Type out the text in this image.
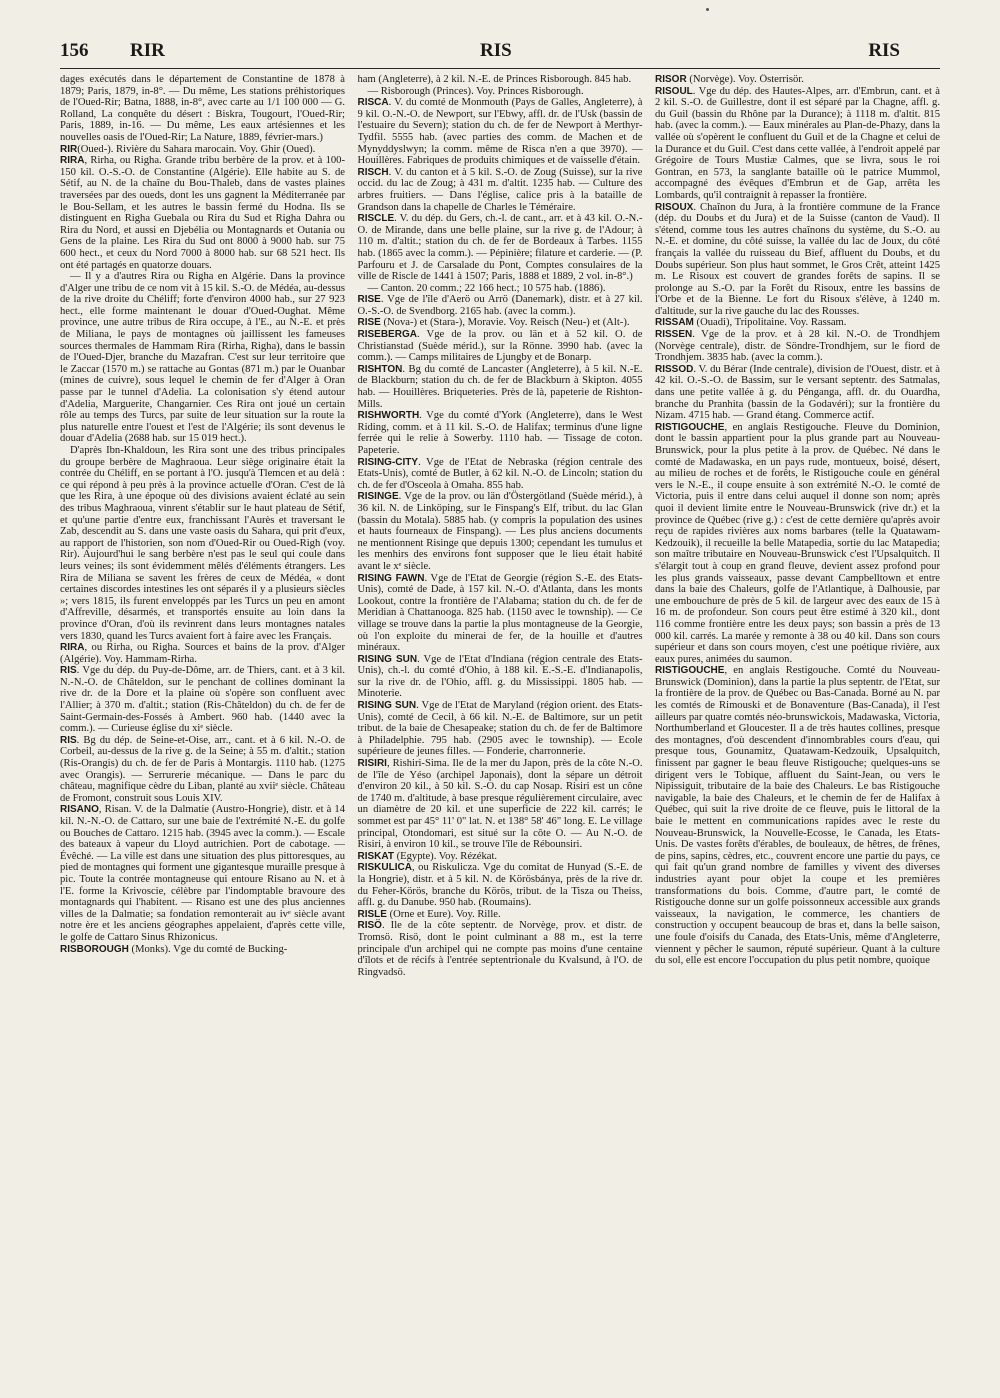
156 RIR	RIS	RIS

dages exécutés dans le département de Constantine de 1878 à 1879; Paris, 1879, in-8°. — Du même, Les stations préhistoriques de l'Oued-Rir; Batna, 1888, in-8°, avec carte au 1/1 100 000 — G. Rolland, La conquête du désert : Biskra, Tougourt, l'Oued-Rir; Paris, 1889, in-16. — Du même, Les eaux artésiennes et les nouvelles oasis de l'Oued-Rir; La Nature, 1889, février-mars.)

RIR(Oued-). Rivière du Sahara marocain. Voy. Ghir (Oued).

RIRA, Rirha, ou Righa. Grande tribu berbère de la prov. et à 100-150 kil. O.-S.-O. de Constantine (Algérie). Elle habite au S. de Sétif, au N. de la chaîne du Bou-Thaleb, dans de vastes plaines traversées par des oueds, dont les uns gagnent la Méditerranée par le Bou-Sellam, et les autres le bassin fermé du Hodna. Ils se distinguent en Righa Guebala ou Rira du Sud et Righa Dahra ou Rira du Nord, et aussi en Djebélia ou Montagnards et Outania ou Gens de la plaine. Les Rira du Sud ont 8000 à 9000 hab. sur 75 600 hect., et ceux du Nord 7000 à 8000 hab. sur 68 521 hect. Ils ont été partagés en quatorze douars.

— Il y a d'autres Rira ou Righa en Algérie. Dans la province d'Alger une tribu de ce nom vit à 15 kil. S.-O. de Médéa, au-dessus de la rive droite du Chéliff; forte d'environ 4000 hab., sur 27 923 hect., elle forme maintenant le douar d'Oued-Oughat. Même province, une autre tribus de Rira occupe, à l'E., au N.-E. et près de Miliana, le pays de montagnes où jaillissent les fameuses sources thermales de Hammam Rira (Rirha, Righa), dans le bassin de l'Oued-Djer, branche du Mazafran. C'est sur leur territoire que le Zaccar (1570 m.) se rattache au Gontas (871 m.) par le Ouanbar (mines de cuivre), sous lequel le chemin de fer d'Alger à Oran passe par le tunnel d'Adelia. La colonisation s'y étend autour d'Adelia, Marguerite, Changarnier. Ces Rira ont joué un certain rôle au temps des Turcs, par suite de leur situation sur la route la plus naturelle entre l'ouest et l'est de l'Algérie; ils sont devenus le douar d'Adelia (2688 hab. sur 15 019 hect.).

D'après Ibn-Khaldoun, les Rira sont une des tribus principales du groupe berbère de Maghraoua. Leur siège originaire était la contrée du Chéliff, en se portant à l'O. jusqu'à Tlemcen et au delà : ce qui répond à peu près à la province actuelle d'Oran. C'est de là que les Rira, à une époque où des divisions avaient éclaté au sein des tribus Maghraoua, vinrent s'établir sur le haut plateau de Sétif, et qu'une partie d'entre eux, franchissant l'Aurès et traversant le Zab, descendit au S. dans une vaste oasis du Sahara, qui prit d'eux, au rapport de l'historien, son nom d'Oued-Rir ou Oued-Righ (voy. Rir). Aujourd'hui le sang berbère n'est pas le seul qui coule dans leurs veines; ils sont évidemment mêlés d'éléments étrangers. Les Rira de Miliana se savent les frères de ceux de Médéa, « dont certaines discordes intestines les ont séparés il y a plusieurs siècles »; vers 1815, ils furent enveloppés par les Turcs un peu en amont d'Affreville, désarmés, et transportés ensuite au loin dans la province d'Oran, d'où ils revinrent dans leurs montagnes natales vers 1830, quand les Turcs avaient fort à faire avec les Français.

RIRA, ou Rirha, ou Righa. Sources et bains de la prov. d'Alger (Algérie). Voy. Hammam-Rirha.

RIS. Vge du dép. du Puy-de-Dôme, arr. de Thiers, cant. et à 3 kil. N.-N.-O. de Châteldon, sur le penchant de collines dominant la rive dr. de la Dore et la plaine où s'opère son confluent avec l'Allier; à 370 m. d'altit.; station (Ris-Châteldon) du ch. de fer de Saint-Germain-des-Fossés à Ambert. 960 hab. (1440 avec la comm.). — Curieuse église du xiᵉ siècle.

RIS. Bg du dép. de Seine-et-Oise, arr., cant. et à 6 kil. N.-O. de Corbeil, au-dessus de la rive g. de la Seine; à 55 m. d'altit.; station (Ris-Orangis) du ch. de fer de Paris à Montargis. 1110 hab. (1275 avec Orangis). — Serrurerie mécanique. — Dans le parc du château, magnifique cèdre du Liban, planté au xviiᵉ siècle. Château de Fromont, construit sous Louis XIV.

RISANO, Risan. V. de la Dalmatie (Austro-Hongrie), distr. et à 14 kil. N.-N.-O. de Cattaro, sur une baie de l'extrémité N.-E. du golfe ou Bouches de Cattaro. 1215 hab. (3945 avec la comm.). — Escale des bateaux à vapeur du Lloyd autrichien. Port de cabotage. — Évêché. — La ville est dans une situation des plus pittoresques, au pied de montagnes qui forment une gigantesque muraille presque à pic. Toute la contrée montagneuse qui entoure Risano au N. et à l'E. forme la Krivoscie, célèbre par l'indomptable bravoure des montagnards qui l'habitent. — Risano est une des plus anciennes villes de la Dalmatie; sa fondation remonterait au ivᵉ siècle avant notre ère et les anciens géographes appelaient, d'après cette ville, le golfe de Cattaro Sinus Rhizonicus.

RISBOROUGH (Monks). Vge du comté de Bucking-

ham (Angleterre), à 2 kil. N.-E. de Princes Risborough. 845 hab.

— Risborough (Princes). Voy. Princes Risborough.

RISCA. V. du comté de Monmouth (Pays de Galles, Angleterre), à 9 kil. O.-N.-O. de Newport, sur l'Ebwy, affl. dr. de l'Usk (bassin de l'estuaire du Severn); station du ch. de fer de Newport à Merthyr-Tydfil. 5555 hab. (avec parties des comm. de Machen et de Mynyddyslwyn; la comm. même de Risca n'en a que 3970). — Houillères. Fabriques de produits chimiques et de vaisselle d'étain.

RISCH. V. du canton et à 5 kil. S.-O. de Zoug (Suisse), sur la rive occid. du lac de Zoug; à 431 m. d'altit. 1235 hab. — Culture des arbres fruitiers. — Dans l'église, calice pris à la bataille de Grandson dans la chapelle de Charles le Téméraire.

RISCLE. V. du dép. du Gers, ch.-l. de cant., arr. et à 43 kil. O.-N.-O. de Mirande, dans une belle plaine, sur la rive g. de l'Adour; à 110 m. d'altit.; station du ch. de fer de Bordeaux à Tarbes. 1155 hab. (1865 avec la comm.). — Pépinière; filature et carderie. — (P. Parfouru et J. de Carsalade du Pont, Comptes consulaires de la ville de Riscle de 1441 à 1507; Paris, 1888 et 1889, 2 vol. in-8°.)

— Canton. 20 comm.; 22 166 hect.; 10 575 hab. (1886).

RISE. Vge de l'île d'Aerö ou Arrö (Danemark), distr. et à 27 kil. O.-S.-O. de Svendborg. 2165 hab. (avec la comm.).

RISE (Nova-) et (Stara-), Moravie. Voy. Reisch (Neu-) et (Alt-).

RISEBERGA. Vge de la prov. ou län et à 52 kil. O. de Christianstad (Suède mérid.), sur la Rönne. 3990 hab. (avec la comm.). — Camps militaires de Ljungby et de Bonarp.

RISHTON. Bg du comté de Lancaster (Angleterre), à 5 kil. N.-E. de Blackburn; station du ch. de fer de Blackburn à Skipton. 4055 hab. — Houillères. Briqueteries. Près de là, papeterie de Rishton-Mills.

RISHWORTH. Vge du comté d'York (Angleterre), dans le West Riding, comm. et à 11 kil. S.-O. de Halifax; terminus d'une ligne ferrée qui le relie à Sowerby. 1110 hab. — Tissage de coton. Papeterie.

RISING-CITY. Vge de l'Etat de Nebraska (région centrale des Etats-Unis), comté de Butler, à 62 kil. N.-O. de Lincoln; station du ch. de fer d'Osceola à Omaha. 855 hab.

RISINGE. Vge de la prov. ou län d'Östergötland (Suède mérid.), à 36 kil. N. de Linköping, sur le Finspang's Elf, tribut. du lac Glan (bassin du Motala). 5885 hab. (y compris la population des usines et hauts fourneaux de Finspang). — Les plus anciens documents ne mentionnent Risinge que depuis 1300; cependant les tumulus et les menhirs des environs font supposer que le lieu était habité avant le xᵉ siècle.

RISING FAWN. Vge de l'Etat de Georgie (région S.-E. des Etats-Unis), comté de Dade, à 157 kil. N.-O. d'Atlanta, dans les monts Lookout, contre la frontière de l'Alabama; station du ch. de fer de Meridian à Chattanooga. 825 hab. (1150 avec le township). — Ce village se trouve dans la partie la plus montagneuse de la Georgie, où l'on exploite du minerai de fer, de la houille et d'autres minéraux.

RISING SUN. Vge de l'Etat d'Indiana (région centrale des Etats-Unis), ch.-l. du comté d'Ohio, à 188 kil. E.-S.-E. d'Indianapolis, sur la rive dr. de l'Ohio, affl. g. du Mississippi. 1805 hab. — Minoterie.

RISING SUN. Vge de l'Etat de Maryland (région orient. des Etats-Unis), comté de Cecil, à 66 kil. N.-E. de Baltimore, sur un petit tribut. de la baie de Chesapeake; station du ch. de fer de Baltimore à Philadelphie. 795 hab. (2905 avec le township). — Ecole supérieure de jeunes filles. — Fonderie, charronnerie.

RISIRI, Rishiri-Sima. Ile de la mer du Japon, près de la côte N.-O. de l'île de Yéso (archipel Japonais), dont la sépare un détroit d'environ 20 kil., à 50 kil. S.-O. du cap Nosap. Risiri est un cône de 1740 m. d'altitude, à base presque régulièrement circulaire, avec un diamètre de 20 kil. et une superficie de 222 kil. carrés; le sommet est par 45° 11' 0" lat. N. et 138° 58' 46" long. E. Le village principal, Otondomari, est situé sur la côte O. — Au N.-O. de Risiri, à environ 10 kil., se trouve l'île de Rébounsiri.

RISKAT (Egypte). Voy. Rézékat.

RISKULICA, ou Riskulicza. Vge du comitat de Hunyad (S.-E. de la Hongrie), distr. et à 5 kil. N. de Körösbánya, près de la rive dr. du Feher-Körös, branche du Körös, tribut. de la Tisza ou Theiss, affl. g. du Danube. 950 hab. (Roumains).

RISLE (Orne et Eure). Voy. Rille.

RISÖ. Ile de la côte septentr. de Norvège, prov. et distr. de Tromsö. Risö, dont le point culminant a 88 m., est la terre principale d'un archipel qui ne compte pas moins d'une centaine d'îlots et de récifs à l'entrée septentrionale du Kvalsund, à l'O. de Ringvadsö.

RISÖR (Norvège). Voy. Österrisör.

RISOUL. Vge du dép. des Hautes-Alpes, arr. d'Embrun, cant. et à 2 kil. S.-O. de Guillestre, dont il est séparé par la Chagne, affl. g. du Guil (bassin du Rhône par la Durance); à 1118 m. d'altit. 815 hab. (avec la comm.). — Eaux minérales au Plan-de-Phazy, dans la vallée où s'opèrent le confluent du Guil et de la Chagne et celui de la Durance et du Guil. C'est dans cette vallée, à l'endroit appelé par Grégoire de Tours Mustiæ Calmes, que se livra, sous le roi Gontran, en 573, la sanglante bataille où le patrice Mummol, accompagné des évêques d'Embrun et de Gap, arrêta les Lombards, qu'il contraignit à repasser la frontière.

RISOUX. Chaînon du Jura, à la frontière commune de la France (dép. du Doubs et du Jura) et de la Suisse (canton de Vaud). Il s'étend, comme tous les autres chaînons du système, du S.-O. au N.-E. et domine, du côté suisse, la vallée du lac de Joux, du côté français la vallée du ruisseau du Bief, affluent du Doubs, et du Doubs supérieur. Son plus haut sommet, le Gros Crêt, atteint 1425 m. Le Risoux est couvert de grandes forêts de sapins. Il se prolonge au S.-O. par la Forêt du Risoux, entre les bassins de l'Orbe et de la Bienne. Le fort du Risoux s'élève, à 1240 m. d'altitude, sur la rive gauche du lac des Rousses.

RISSAM (Ouadi), Tripolitaine. Voy. Rassam.

RISSEN. Vge de la prov. et à 28 kil. N.-O. de Trondhjem (Norvège centrale), distr. de Söndre-Trondhjem, sur le fiord de Trondhjem. 3835 hab. (avec la comm.).

RISSOD. V. du Bérar (Inde centrale), division de l'Ouest, distr. et à 42 kil. O.-S.-O. de Bassim, sur le versant septentr. des Satmalas, dans une petite vallée à g. du Pénganga, affl. dr. du Ouardha, branche du Pranhita (bassin de la Godavéri); sur la frontière du Nizam. 4715 hab. — Grand étang. Commerce actif.

RISTIGOUCHE, en anglais Restigouche. Fleuve du Dominion, dont le bassin appartient pour la plus grande part au Nouveau-Brunswick, pour la plus petite à la prov. de Québec. Né dans le comté de Madawaska, en un pays rude, montueux, boisé, désert, au milieu de roches et de forêts, le Ristigouche coule en général vers le N.-E., il coupe ensuite à son extrémité N.-O. le comté de Victoria, puis il entre dans celui auquel il donne son nom; après quoi il devient limite entre le Nouveau-Brunswick (rive dr.) et la province de Québec (rive g.) : c'est de cette dernière qu'après avoir reçu de rapides rivières aux noms barbares (telle la Quatawam-Kedzouik), il recueille la belle Matapedia, sortie du lac Matapedia; son maître tributaire en Nouveau-Brunswick c'est l'Upsalquitch. Il s'élargit tout à coup en grand fleuve, devient assez profond pour les plus grands vaisseaux, passe devant Campbelltown et entre dans la baie des Chaleurs, golfe de l'Atlantique, à Dalhousie, par une embouchure de près de 5 kil. de largeur avec des eaux de 15 à 16 m. de profondeur. Son cours peut être estimé à 320 kil., dont 116 comme frontière entre les deux pays; son bassin a près de 13 000 kil. carrés. La marée y remonte à 38 ou 40 kil. Dans son cours supérieur et dans son cours moyen, c'est une poétique rivière, aux eaux pures, animées du saumon.

RISTIGOUCHE, en anglais Restigouche. Comté du Nouveau-Brunswick (Dominion), dans la partie la plus septentr. de l'Etat, sur la frontière de la prov. de Québec ou Bas-Canada. Borné au N. par les comtés de Rimouski et de Bonaventure (Bas-Canada), il l'est ailleurs par quatre comtés néo-brunswickois, Madawaska, Victoria, Northumberland et Gloucester. Il a de très hautes collines, presque des montagnes, d'où descendent d'innombrables cours d'eau, qui presque tous, Gounamitz, Quatawam-Kedzouik, Upsalquitch, finissent par gagner le beau fleuve Ristigouche; quelques-uns se dirigent vers le Tobique, affluent du Saint-Jean, ou vers le Nipissiguit, tributaire de la baie des Chaleurs. Le bas Ristigouche navigable, la baie des Chaleurs, et le chemin de fer de Halifax à Québec, qui suit la rive droite de ce fleuve, puis le littoral de la baie le mettent en communications rapides avec le reste du Nouveau-Brunswick, la Nouvelle-Ecosse, le Canada, les Etats-Unis. De vastes forêts d'érables, de bouleaux, de hêtres, de frênes, de pins, sapins, cèdres, etc., couvrent encore une partie du pays, ce qui fait qu'un grand nombre de familles y vivent des diverses industries ayant pour objet la coupe et les premières transformations du bois. Comme, d'autre part, le comté de Ristigouche donne sur un golfe poissonneux accessible aux grands vaisseaux, la navigation, le commerce, les chantiers de construction y occupent beaucoup de bras et, dans la belle saison, une foule d'oisifs du Canada, des Etats-Unis, même d'Angleterre, viennent y pêcher le saumon, réputé supérieur. Quant à la culture du sol, elle est encore l'occupation du plus petit nombre, quoique
